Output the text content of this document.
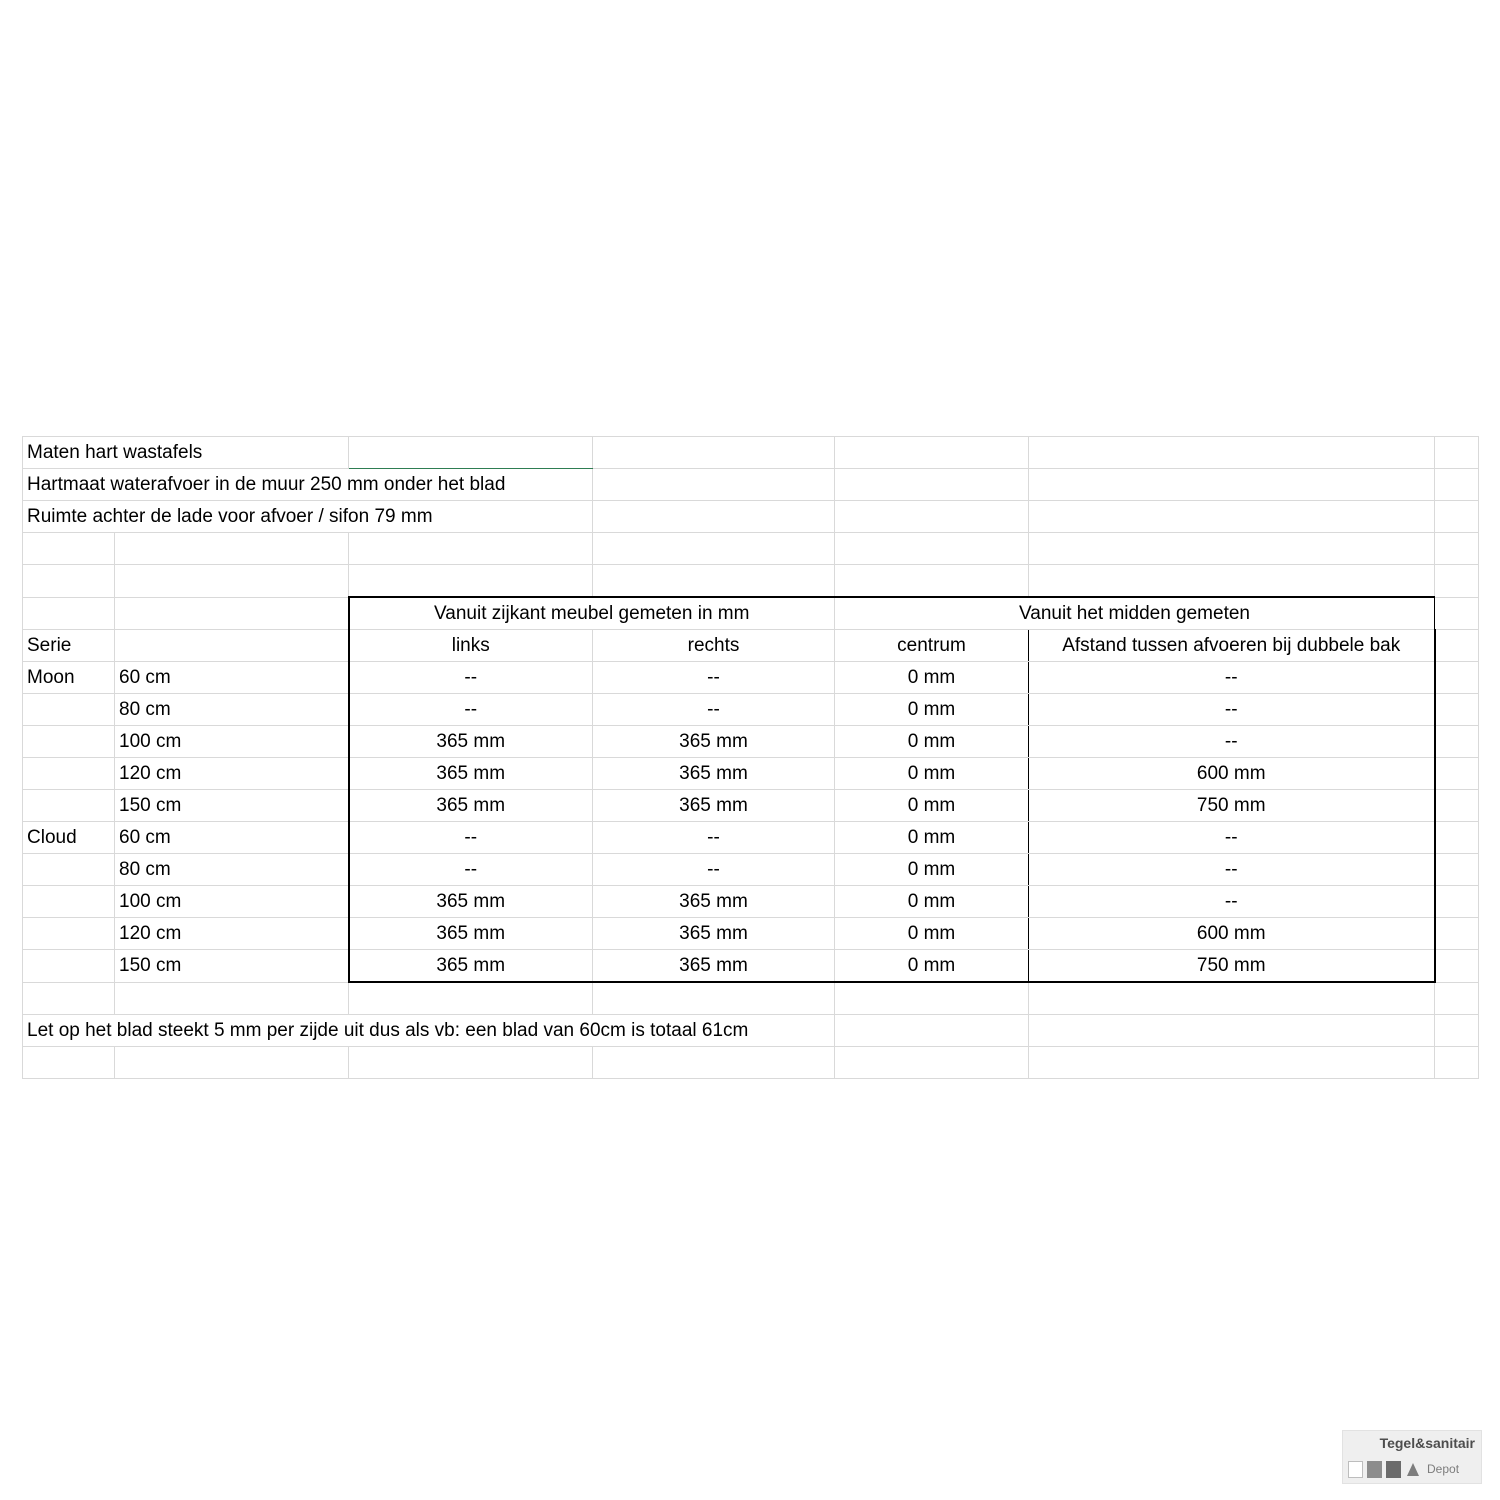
Maten hart wastafels						

Hartmaat waterafvoer in de muur 250 mm onder het blad						

Ruimte achter de lade voor afvoer / sifon 79 mm						

		Vanuit zijkant meubel gemeten in mm		Vanuit het midden gemeten		
Serie		links	rechts	centrum	Afstand tussen afvoeren bij dubbele bak	
Moon	60 cm	--	--	0 mm	--	
	80 cm	--	--	0 mm	--	
	100 cm	365 mm	365 mm	0 mm	--	
	120 cm	365 mm	365 mm	0 mm	600 mm	
	150 cm	365 mm	365 mm	0 mm	750 mm	
Cloud	60 cm	--	--	0 mm	--	
	80 cm	--	--	0 mm	--	
	100 cm	365 mm	365 mm	0 mm	--	
	120 cm	365 mm	365 mm	0 mm	600 mm	
	150 cm	365 mm	365 mm	0 mm	750 mm	

Let op het blad steekt 5 mm per zijde uit dus als vb: een blad van 60cm is totaal 61cm						

Tegel&sanitair
Depot
